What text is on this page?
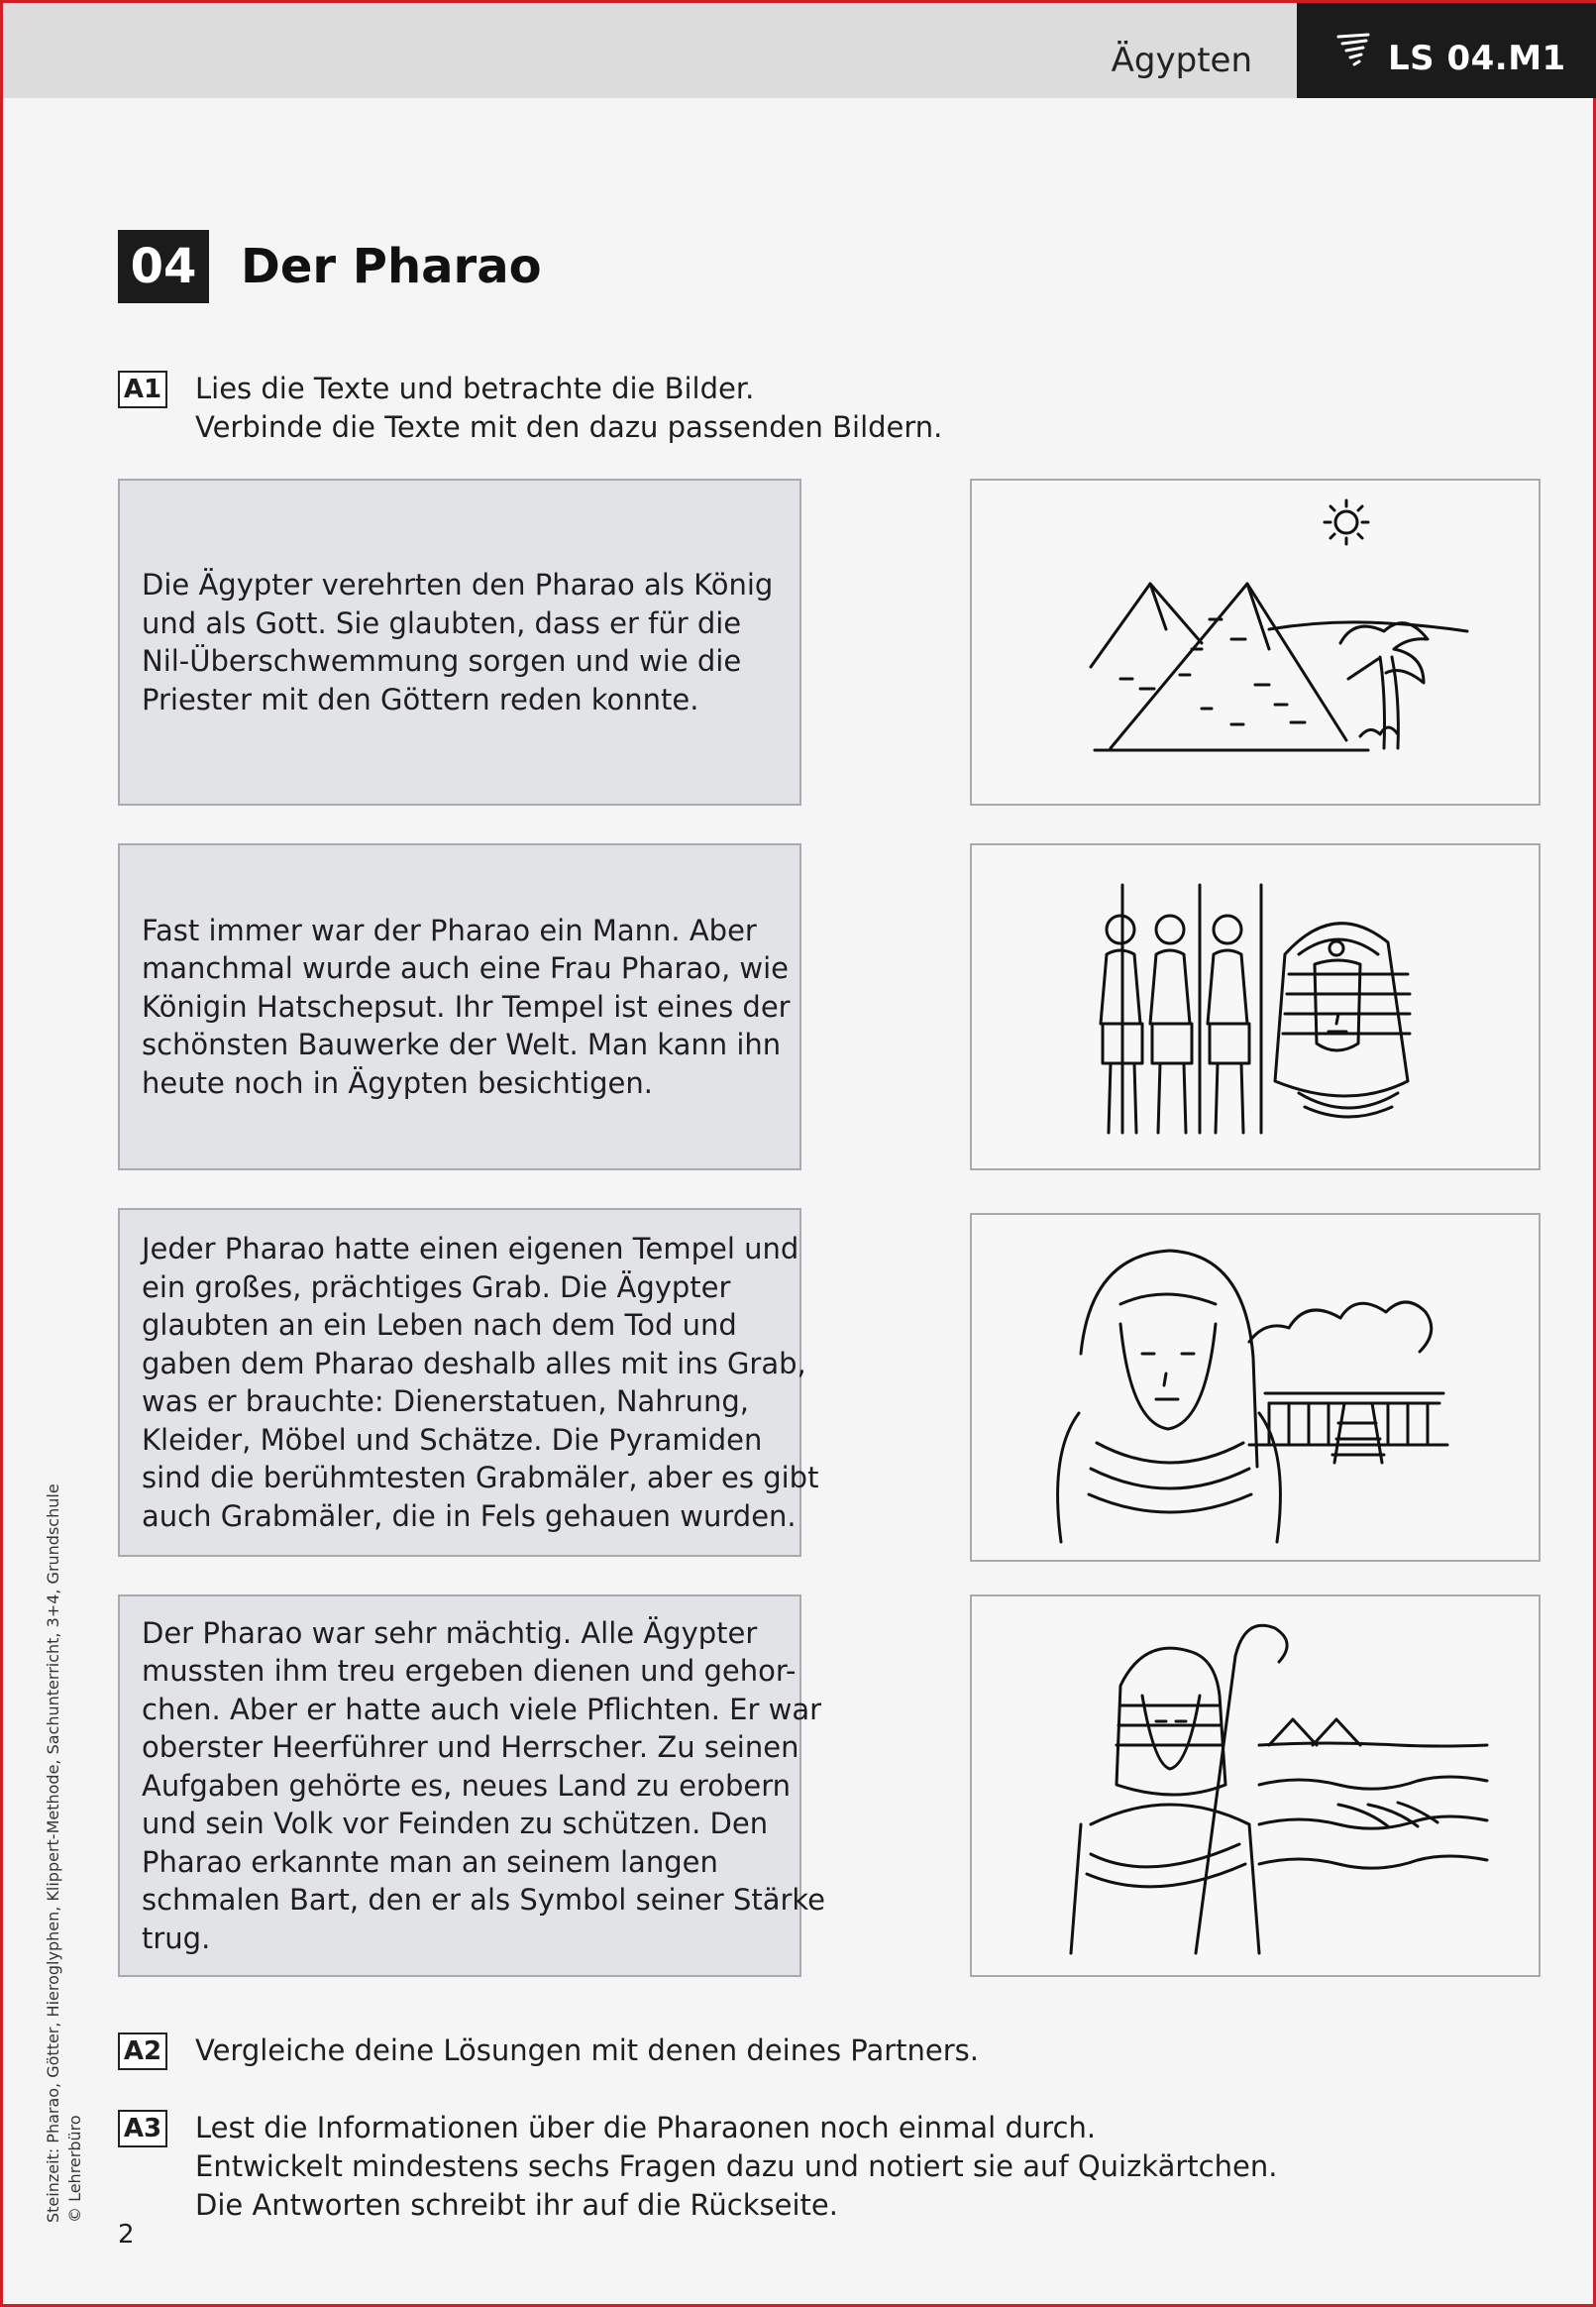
Ägypten	LS 04.M1
04 Der Pharao
A1 Lies die Texte und betrachte die Bilder.
Verbinde die Texte mit den dazu passenden Bildern.
Die Ägypter verehrten den Pharao als König
und als Gott. Sie glaubten, dass er für die
Nil-Überschwemmung sorgen und wie die
Priester mit den Göttern reden konnte.
Fast immer war der Pharao ein Mann. Aber
manchmal wurde auch eine Frau Pharao, wie
Königin Hatschepsut. Ihr Tempel ist eines der
schönsten Bauwerke der Welt. Man kann ihn
heute noch in Ägypten besichtigen.
Jeder Pharao hatte einen eigenen Tempel und
ein großes, prächtiges Grab. Die Ägypter
glaubten an ein Leben nach dem Tod und
gaben dem Pharao deshalb alles mit ins Grab,
was er brauchte: Dienerstatuen, Nahrung,
Kleider, Möbel und Schätze. Die Pyramiden
sind die berühmtesten Grabmäler, aber es gibt
auch Grabmäler, die in Fels gehauen wurden.
Der Pharao war sehr mächtig. Alle Ägypter
mussten ihm treu ergeben dienen und gehor-
chen. Aber er hatte auch viele Pflichten. Er war
oberster Heerführer und Herrscher. Zu seinen
Aufgaben gehörte es, neues Land zu erobern
und sein Volk vor Feinden zu schützen. Den
Pharao erkannte man an seinem langen
schmalen Bart, den er als Symbol seiner Stärke
trug.
A2 Vergleiche deine Lösungen mit denen deines Partners.
A3 Lest die Informationen über die Pharaonen noch einmal durch.
Entwickelt mindestens sechs Fragen dazu und notiert sie auf Quizkärtchen.
Die Antworten schreibt ihr auf die Rückseite.
Steinzeit: Pharao, Götter, Hieroglyphen, Klippert-Methode, Sachunterricht, 3+4, Grundschule © Lehrerbüro
2
